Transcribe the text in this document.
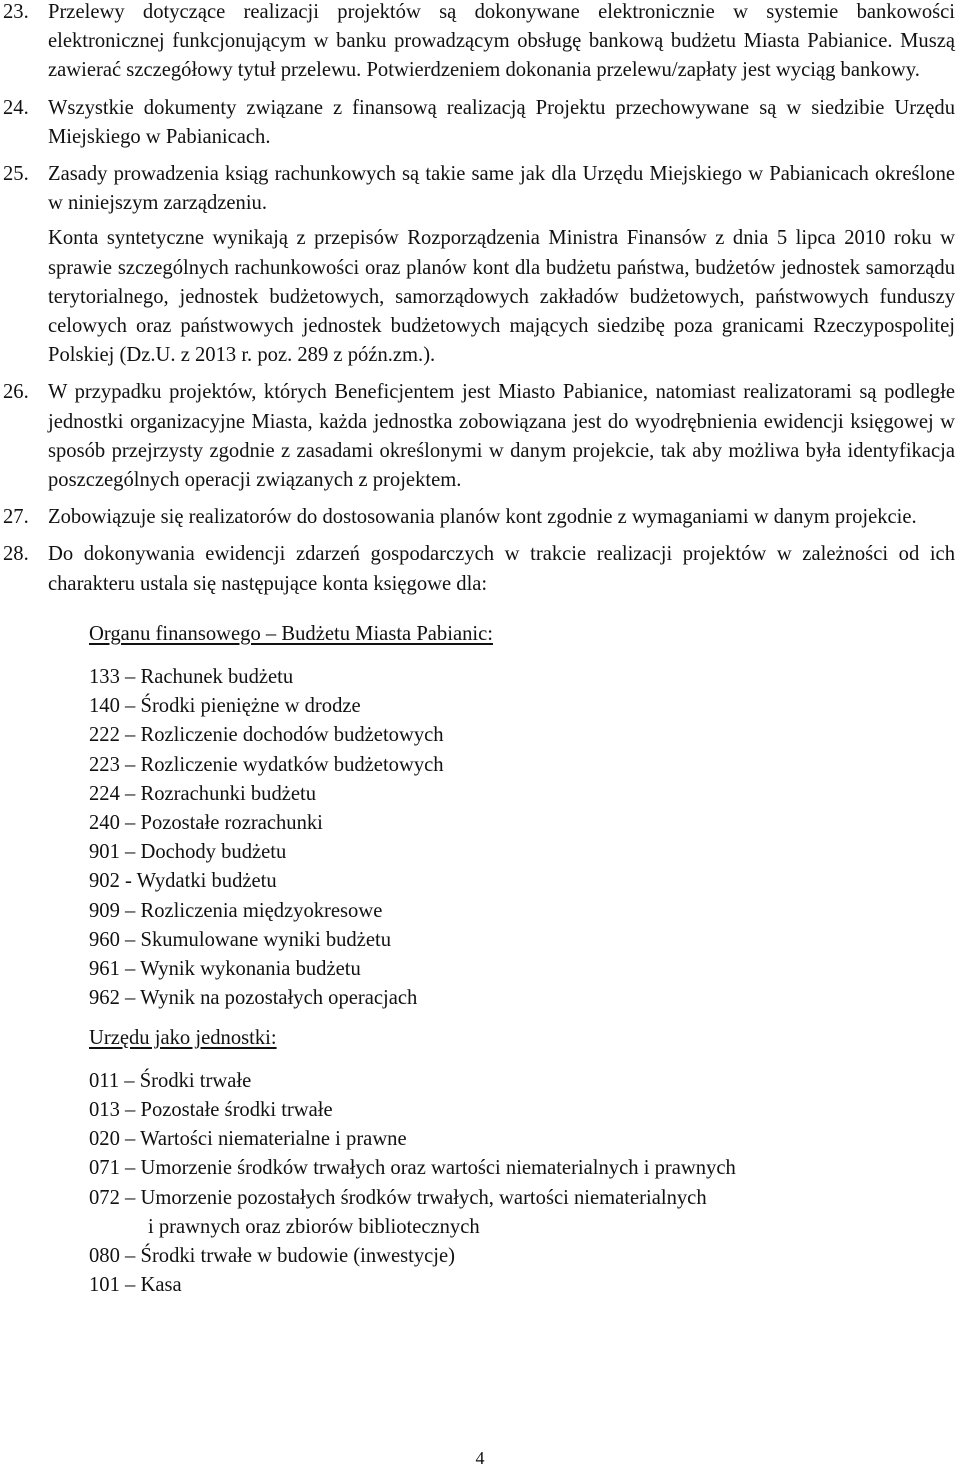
23. Przelewy dotyczące realizacji projektów są dokonywane elektronicznie w systemie bankowości elektronicznej funkcjonującym w banku prowadzącym obsługę bankową budżetu Miasta Pabianice. Muszą zawierać szczegółowy tytuł przelewu. Potwierdzeniem dokonania przelewu/zapłaty jest wyciąg bankowy.

24. Wszystkie dokumenty związane z finansową realizacją Projektu przechowywane są w siedzibie Urzędu Miejskiego w Pabianicach.

25. Zasady prowadzenia ksiąg rachunkowych są takie same jak dla Urzędu Miejskiego w Pabianicach określone w niniejszym zarządzeniu.

Konta syntetyczne wynikają z przepisów Rozporządzenia Ministra Finansów z dnia 5 lipca 2010 roku w sprawie szczególnych rachunkowości oraz planów kont dla budżetu państwa, budżetów jednostek samorządu terytorialnego, jednostek budżetowych, samorządowych zakładów budżetowych, państwowych funduszy celowych oraz państwowych jednostek budżetowych mających siedzibę poza granicami Rzeczypospolitej Polskiej (Dz.U. z 2013 r. poz. 289 z późn.zm.).

26. W przypadku projektów, których Beneficjentem jest Miasto Pabianice, natomiast realizatorami są podległe jednostki organizacyjne Miasta, każda jednostka zobowiązana jest do wyodrębnienia ewidencji księgowej w sposób przejrzysty zgodnie z zasadami określonymi w danym projekcie, tak aby możliwa była identyfikacja poszczególnych operacji związanych z projektem.

27. Zobowiązuje się realizatorów do dostosowania planów kont zgodnie z wymaganiami w danym projekcie.

28. Do dokonywania ewidencji zdarzeń gospodarczych w trakcie realizacji projektów w zależności od ich charakteru ustala się następujące konta księgowe dla:

Organu finansowego – Budżetu Miasta Pabianic:
133 – Rachunek budżetu
140 – Środki pieniężne w drodze
222 – Rozliczenie dochodów budżetowych
223 – Rozliczenie wydatków budżetowych
224 – Rozrachunki budżetu
240 – Pozostałe rozrachunki
901 – Dochody budżetu
902 - Wydatki budżetu
909 – Rozliczenia międzyokresowe
960 – Skumulowane wyniki budżetu
961 – Wynik wykonania budżetu
962 – Wynik na pozostałych operacjach
Urzędu jako jednostki:
011 – Środki trwałe
013 – Pozostałe środki trwałe
020 – Wartości niematerialne i prawne
071 – Umorzenie środków trwałych oraz wartości niematerialnych i prawnych
072 – Umorzenie pozostałych środków trwałych, wartości niematerialnych
i prawnych oraz zbiorów bibliotecznych
080 – Środki trwałe w budowie (inwestycje)
101 – Kasa
4
